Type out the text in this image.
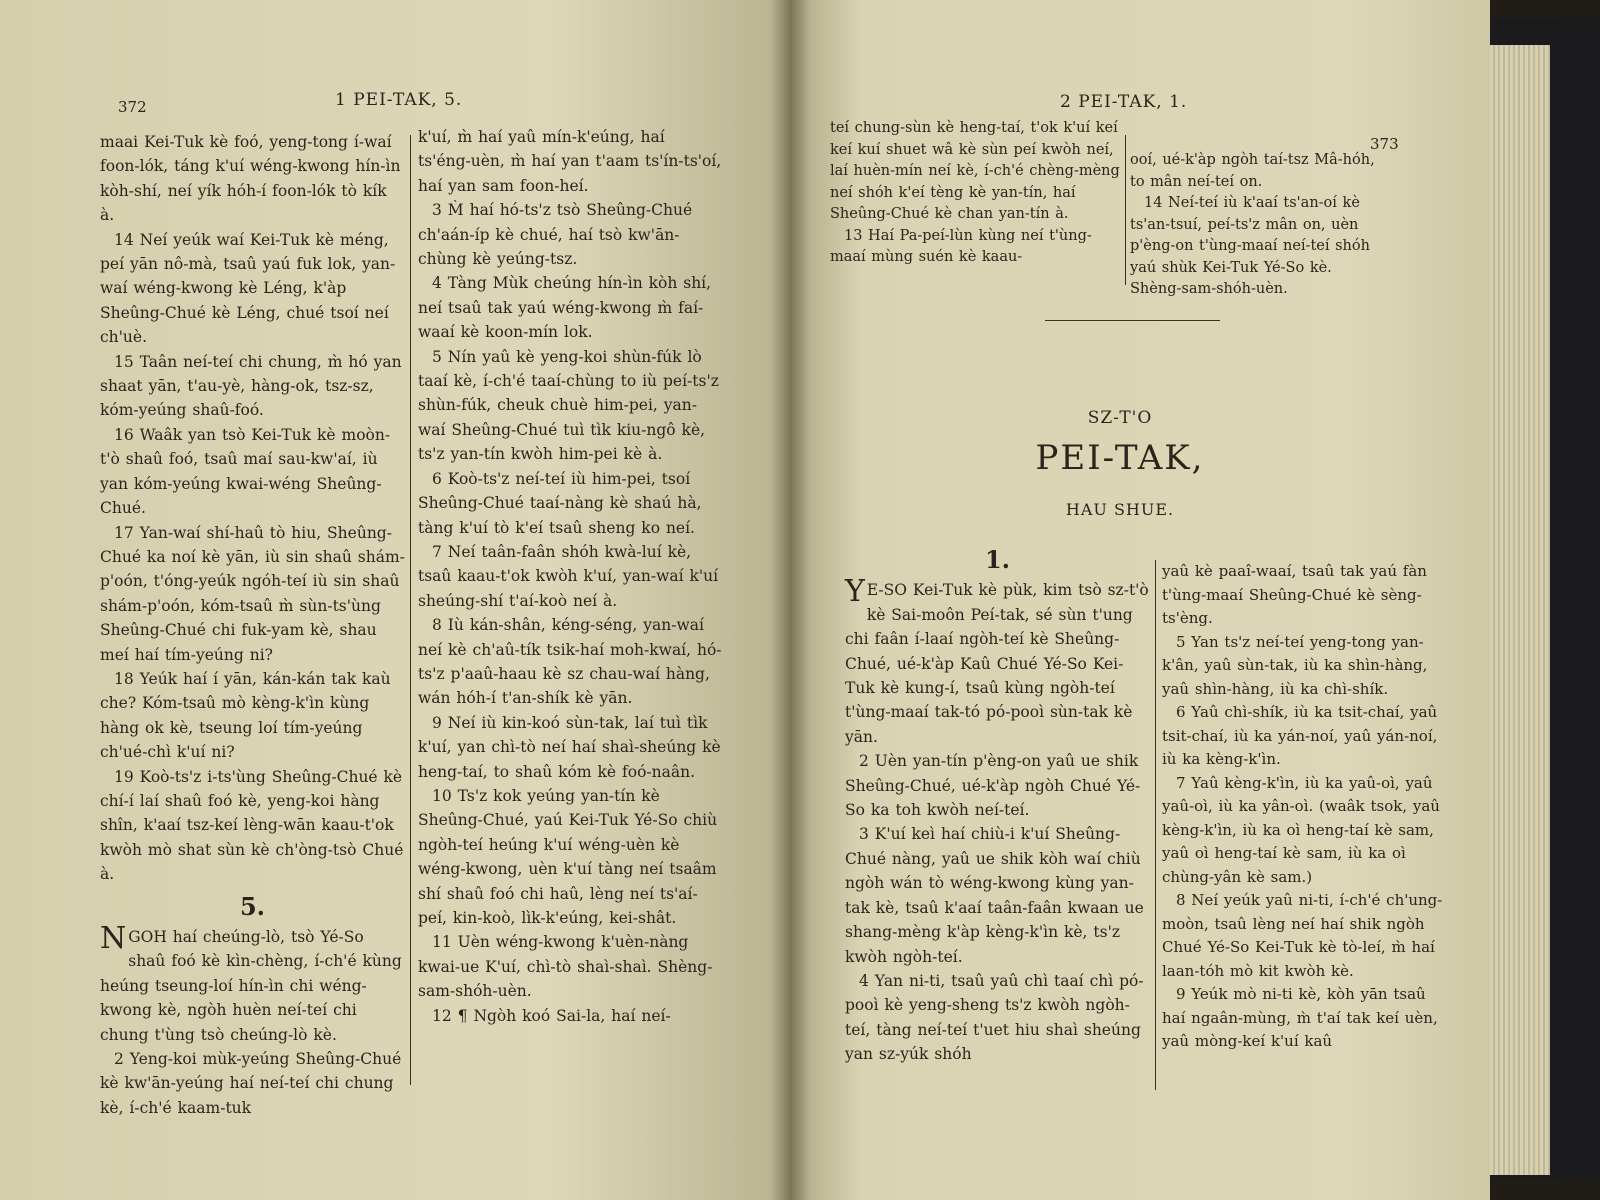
372	1 PEI-TAK, 5.

maai Kei-Tuk kè foó, yeng-tong í-waí foon-lók, táng k'uí wéng-kwong hín-ìn kòh-shí, neí yík hóh-í foon-lók tò kík à.

14 Neí yeúk waí Kei-Tuk kè méng, peí yān nô-mà, tsaû yaú fuk lok, yan-waí wéng-kwong kè Léng, k'àp Sheûng-Chué kè Léng, chué tsoí neí ch'uè.

15 Taân neí-teí chi chung, m̀ hó yan shaat yān, t'au-yè, hàng-ok, tsz-sz, kóm-yeúng shaû-foó.

16 Waâk yan tsò Kei-Tuk kè moòn-t'ò shaû foó, tsaû maí sau-kw'aí, iù yan kóm-yeúng kwai-wéng Sheûng-Chué.

17 Yan-waí shí-haû tò hiu, Sheûng-Chué ka noí kè yān, iù sin shaû shám-p'oón, t'óng-yeúk ngóh-teí iù sin shaû shám-p'oón, kóm-tsaû m̀ sùn-ts'ùng Sheûng-Chué chi fuk-yam kè, shau meí haí tím-yeúng ni?

18 Yeúk haí í yān, kán-kán tak kaù che? Kóm-tsaû mò kèng-k'ìn kùng hàng ok kè, tseung loí tím-yeúng ch'ué-chì k'uí ni?

19 Koò-ts'z i-ts'ùng Sheûng-Chué kè chí-í laí shaû foó kè, yeng-koi hàng shîn, k'aaí tsz-keí lèng-wān kaau-t'ok kwòh mò shat sùn kè ch'òng-tsò Chué à.

5.

NGOH haí cheúng-lò, tsò Yé-So shaû foó kè kìn-chèng, í-ch'é kùng heúng tseung-loí hín-ìn chi wéng-kwong kè, ngòh huèn neí-teí chi chung t'ùng tsò cheúng-lò kè.

2 Yeng-koi mùk-yeúng Sheûng-Chué kè kw'ān-yeúng haí neí-teí chi chung kè, í-ch'é kaam-tuk

k'uí, m̀ haí yaû mín-k'eúng, haí ts'éng-uèn, m̀ haí yan t'aam ts'ín-ts'oí, haí yan sam foon-heí.

3 M̀ haí hó-ts'z tsò Sheûng-Chué ch'aán-íp kè chué, haí tsò kw'ān-chùng kè yeúng-tsz.

4 Tàng Mùk cheúng hín-ìn kòh shí, neí tsaû tak yaú wéng-kwong m̀ faí-waaí kè koon-mín lok.

5 Nín yaû kè yeng-koi shùn-fúk lò taaí kè, í-ch'é taaí-chùng to iù peí-ts'z shùn-fúk, cheuk chuè him-pei, yan-waí Sheûng-Chué tuì tìk kiu-ngô kè, ts'z yan-tín kwòh him-pei kè à.

6 Koò-ts'z neí-teí iù him-pei, tsoí Sheûng-Chué taaí-nàng kè shaú hà, tàng k'uí tò k'eí tsaû sheng ko neí.

7 Neí taân-faân shóh kwà-luí kè, tsaû kaau-t'ok kwòh k'uí, yan-waí k'uí sheúng-shí t'aí-koò neí à.

8 Iù kán-shân, kéng-séng, yan-waí neí kè ch'aû-tík tsik-haí moh-kwaí, hó-ts'z p'aaû-haau kè sz chau-waí hàng, wán hóh-í t'an-shík kè yān.

9 Neí iù kin-koó sùn-tak, laí tuì tìk k'uí, yan chì-tò neí haí shaì-sheúng kè heng-taí, to shaû kóm kè foó-naân.

10 Ts'z kok yeúng yan-tín kè Sheûng-Chué, yaú Kei-Tuk Yé-So chiù ngòh-teí heúng k'uí wéng-uèn kè wéng-kwong, uèn k'uí tàng neí tsaâm shí shaû foó chi haû, lèng neí ts'aí-peí, kin-koò, lìk-k'eúng, kei-shât.

11 Uèn wéng-kwong k'uèn-nàng kwai-ue K'uí, chì-tò shaì-shaì. Shèng-sam-shóh-uèn.

12 ¶ Ngòh koó Sai-la, haí neí-

2 PEI-TAK, 1.
373

teí chung-sùn kè heng-taí, t'ok k'uí keí keí kuí shuet wâ kè sùn peí kwòh neí, laí huèn-mín neí kè, í-ch'é chèng-mèng neí shóh k'eí tèng kè yan-tín, haí Sheûng-Chué kè chan yan-tín à.

13 Haí Pa-peí-lùn kùng neí t'ùng-maaí mùng suén kè kaau-

ooí, ué-k'àp ngòh taí-tsz Mâ-hóh, to mân neí-teí on.

14 Neí-teí iù k'aaí ts'an-oí kè ts'an-tsuí, peí-ts'z mân on, uèn p'èng-on t'ùng-maaí neí-teí shóh yaú shùk Kei-Tuk Yé-So kè. Shèng-sam-shóh-uèn.

SZ-T'O
PEI-TAK,
HAU SHUE.
1.

YE-SO Kei-Tuk kè pùk, kim tsò sz-t'ò kè Sai-moôn Peí-tak, sé sùn t'ung chi faân í-laaí ngòh-teí kè Sheûng-Chué, ué-k'àp Kaû Chué Yé-So Kei-Tuk kè kung-í, tsaû kùng ngòh-teí t'ùng-maaí tak-tó pó-pooì sùn-tak kè yān.

2 Uèn yan-tín p'èng-on yaû ue shik Sheûng-Chué, ué-k'àp ngòh Chué Yé-So ka toh kwòh neí-teí.

3 K'uí keì haí chiù-i k'uí Sheûng-Chué nàng, yaû ue shik kòh waí chiù ngòh wán tò wéng-kwong kùng yan-tak kè, tsaû k'aaí taân-faân kwaan ue shang-mèng k'àp kèng-k'ìn kè, ts'z kwòh ngòh-teí.

4 Yan ni-ti, tsaû yaû chì taaí chì pó-pooì kè yeng-sheng ts'z kwòh ngòh-teí, tàng neí-teí t'uet hiu shaì sheúng yan sz-yúk shóh

yaû kè paaî-waaí, tsaû tak yaú fàn t'ùng-maaí Sheûng-Chué kè sèng-ts'èng.

5 Yan ts'z neí-teí yeng-tong yan-k'ân, yaû sùn-tak, iù ka shìn-hàng, yaû shìn-hàng, iù ka chì-shík.

6 Yaû chì-shík, iù ka tsit-chaí, yaû tsit-chaí, iù ka yán-noí, yaû yán-noí, iù ka kèng-k'ìn.

7 Yaû kèng-k'ìn, iù ka yaû-oì, yaû yaû-oì, iù ka yân-oì. (waâk tsok, yaû kèng-k'ìn, iù ka oì heng-taí kè sam, yaû oì heng-taí kè sam, iù ka oì chùng-yân kè sam.)

8 Neí yeúk yaû ni-ti, í-ch'é ch'ung-moòn, tsaû lèng neí haí shik ngòh Chué Yé-So Kei-Tuk kè tò-leí, m̀ haí laan-tóh mò kit kwòh kè.

9 Yeúk mò ni-ti kè, kòh yān tsaû haí ngaân-mùng, m̀ t'aí tak keí uèn, yaû mòng-keí k'uí kaû
